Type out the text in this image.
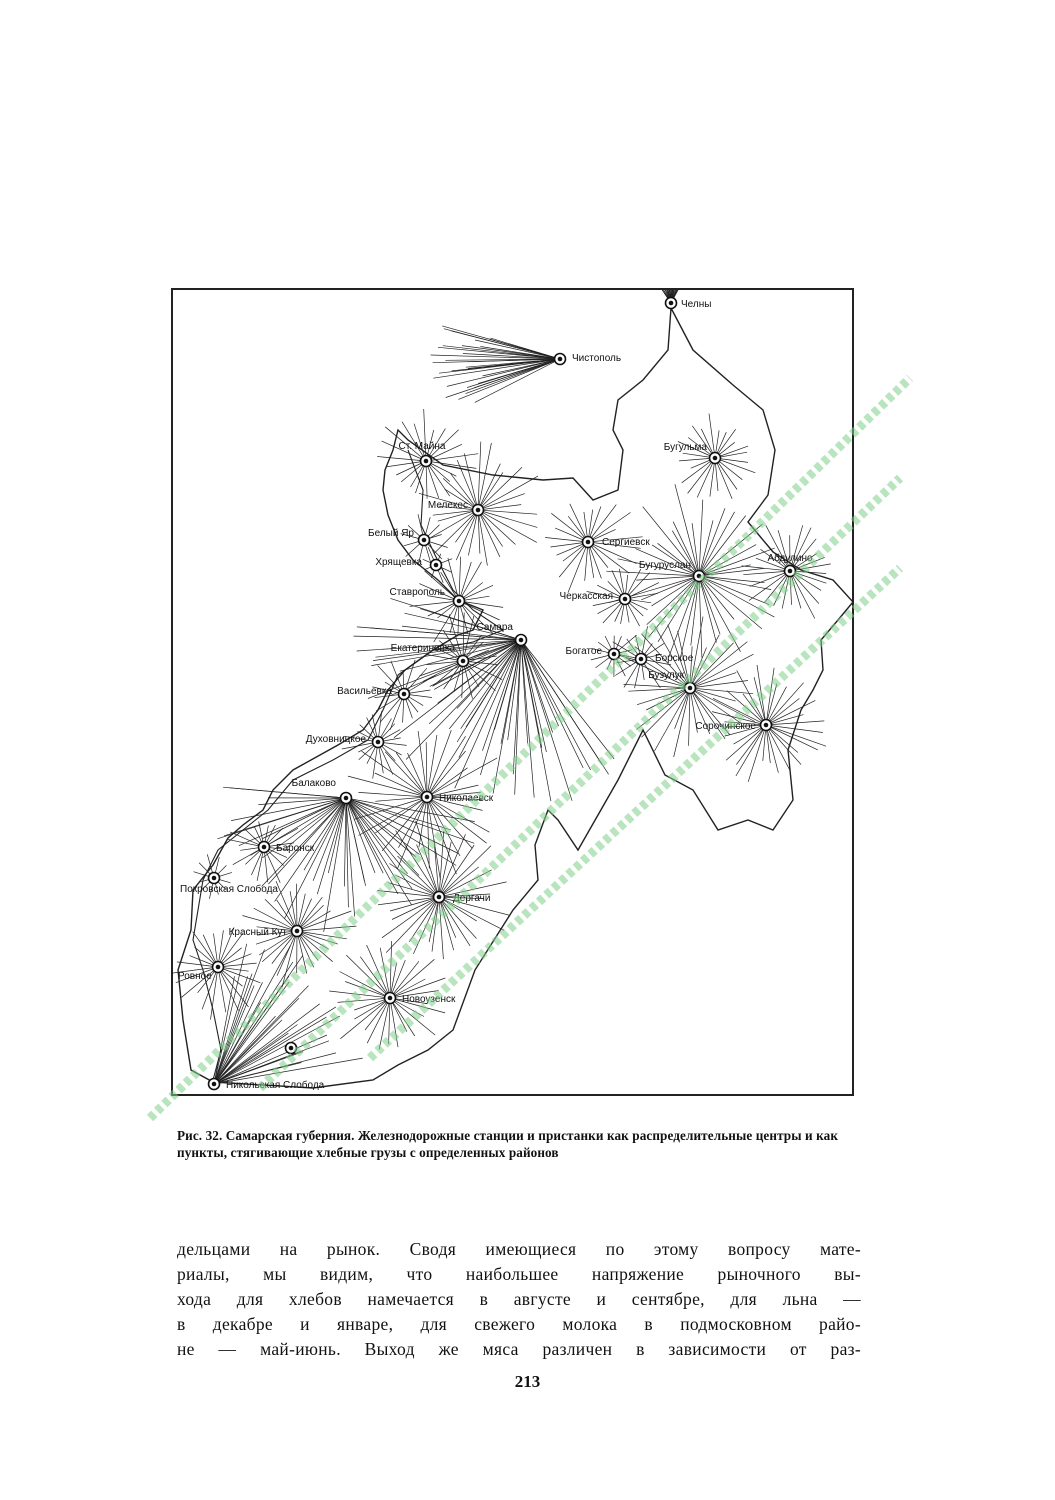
Челны
Чистополь
Ст. Майна	Бугульма
Мелекес
Белый Яр
Сергиевск
Хрящевка	Абдулино
Бугуруслан
Ставрополь	Черкасская
Самара
Екатериновка	Богатое
Борское
Бузулук
Васильевка
Сорочинское
Духовницкое
Балаково
Николаевск
Баронск
Покровская Слобода
Дергачи
Красный Кут
Ровное
Новоузенск
Никольская Слобода
Рис. 32. Самарская губерния. Железнодорожные станции и пристанки как распределительные центры и как пункты, стягивающие хлебные грузы с определенных районов
дельцами на рынок. Сводя имеющиеся по этому вопросу мате-
риалы, мы видим, что наибольшее напряжение рыночного вы-
хода для хлебов намечается в августе и сентябре, для льна —
в декабре и январе, для свежего молока в подмосковном райо-
не — май-июнь. Выход же мяса различен в зависимости от раз-
213
